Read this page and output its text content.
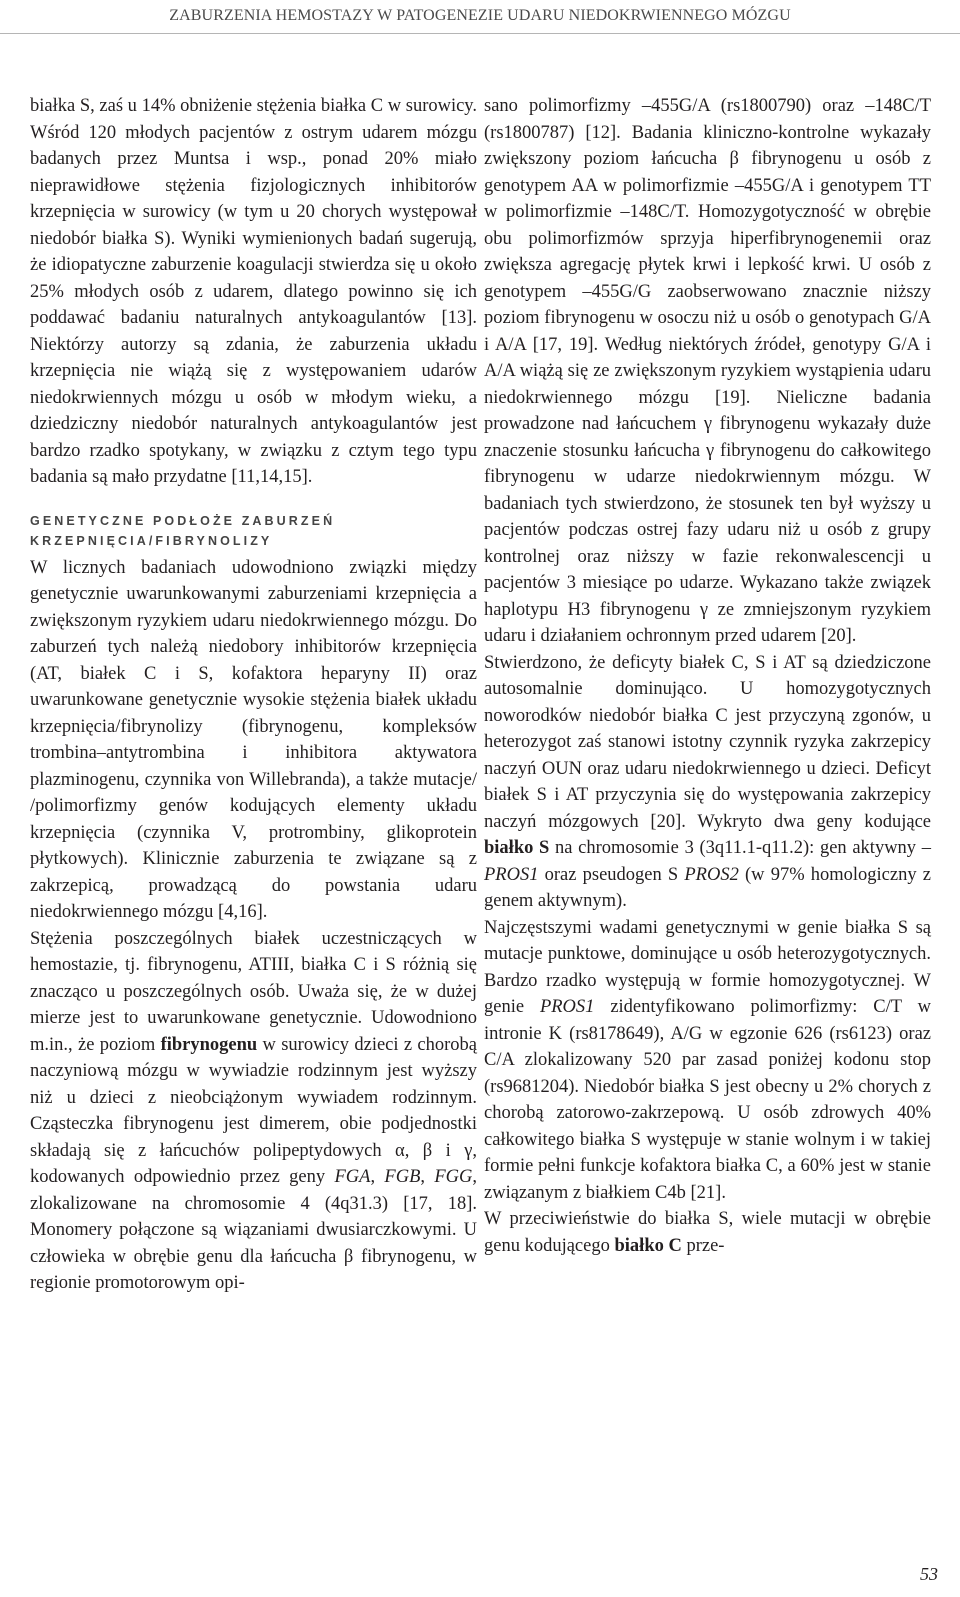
ZABURZENIA HEMOSTAZY W PATOGENEZIE UDARU NIEDOKRWIENNEGO MÓZGU

białka S, zaś u 14% obniżenie stężenia białka C w surowicy. Wśród 120 młodych pacjentów z ostrym udarem mózgu badanych przez Muntsa i wsp., ponad 20% miało nieprawidłowe stężenia fizjologicznych inhibitorów krzepnięcia w surowicy (w tym u 20 chorych występował niedobór białka S). Wyniki wymienionych badań sugerują, że idiopatyczne zaburzenie koagulacji stwierdza się u około 25% młodych osób z udarem, dlatego powinno się ich poddawać badaniu naturalnych antykoagulantów [13]. Niektórzy autorzy są zdania, że zaburzenia układu krzepnięcia nie wiążą się z występowaniem udarów niedokrwiennych mózgu u osób w młodym wieku, a dziedziczny niedobór naturalnych antykoagulantów jest bardzo rzadko spotykany, w związku z cztym tego typu badania są mało przydatne [11,14,15].

GENETYCZNE PODŁOŻE ZABURZEŃ
KRZEPNIĘCIA/FIBRYNOLIZY

W licznych badaniach udowodniono związki między genetycznie uwarunkowanymi zaburzeniami krzepnięcia a zwiększonym ryzykiem udaru niedokrwiennego mózgu. Do zaburzeń tych należą niedobory inhibitorów krzepnięcia (AT, białek C i S, kofaktora heparyny II) oraz uwarunkowane genetycznie wysokie stężenia białek układu krzepnięcia/fibrynolizy (fibrynogenu, kompleksów trombina–antytrombina i inhibitora aktywatora plazminogenu, czynnika von Willebranda), a także mutacje/ /polimorfizmy genów kodujących elementy układu krzepnięcia (czynnika V, protrombiny, glikoprotein płytkowych). Klinicznie zaburzenia te związane są z zakrzepicą, prowadzącą do powstania udaru niedokrwiennego mózgu [4,16].

Stężenia poszczególnych białek uczestniczących w hemostazie, tj. fibrynogenu, ATIII, białka C i S różnią się znacząco u poszczególnych osób. Uważa się, że w dużej mierze jest to uwarunkowane genetycznie. Udowodniono m.in., że poziom fibrynogenu w surowicy dzieci z chorobą naczyniową mózgu w wywiadzie rodzinnym jest wyższy niż u dzieci z nieobciążonym wywiadem rodzinnym. Cząsteczka fibrynogenu jest dimerem, obie podjednostki składają się z łańcuchów polipeptydowych α, β i γ, kodowanych odpowiednio przez geny FGA, FGB, FGG, zlokalizowane na chromosomie 4 (4q31.3) [17, 18]. Monomery połączone są wiązaniami dwusiarczkowymi. U człowieka w obrębie genu dla łańcucha β fibrynogenu, w regionie promotorowym opi-

sano polimorfizmy –455G/A (rs1800790) oraz –148C/T (rs1800787) [12]. Badania kliniczno-kontrolne wykazały zwiększony poziom łańcucha β fibrynogenu u osób z genotypem AA w polimorfizmie –455G/A i genotypem TT w polimorfizmie –148C/T. Homozygotyczność w obrębie obu polimorfizmów sprzyja hiperfibrynogenemii oraz zwiększa agregację płytek krwi i lepkość krwi. U osób z genotypem –455G/G zaobserwowano znacznie niższy poziom fibrynogenu w osoczu niż u osób o genotypach G/A i A/A [17, 19]. Według niektórych źródeł, genotypy G/A i A/A wiążą się ze zwiększonym ryzykiem wystąpienia udaru niedokrwiennego mózgu [19]. Nieliczne badania prowadzone nad łańcuchem γ fibrynogenu wykazały duże znaczenie stosunku łańcucha γ fibrynogenu do całkowitego fibrynogenu w udarze niedokrwiennym mózgu. W badaniach tych stwierdzono, że stosunek ten był wyższy u pacjentów podczas ostrej fazy udaru niż u osób z grupy kontrolnej oraz niższy w fazie rekonwalescencji u pacjentów 3 miesiące po udarze. Wykazano także związek haplotypu H3 fibrynogenu γ ze zmniejszonym ryzykiem udaru i działaniem ochronnym przed udarem [20].

Stwierdzono, że deficyty białek C, S i AT są dziedziczone autosomalnie dominująco. U homozygotycznych noworodków niedobór białka C jest przyczyną zgonów, u heterozygot zaś stanowi istotny czynnik ryzyka zakrzepicy naczyń OUN oraz udaru niedokrwiennego u dzieci. Deficyt białek S i AT przyczynia się do występowania zakrzepicy naczyń mózgowych [20]. Wykryto dwa geny kodujące białko S na chromosomie 3 (3q11.1-q11.2): gen aktywny – PROS1 oraz pseudogen S PROS2 (w 97% homologiczny z genem aktywnym).

Najczęstszymi wadami genetycznymi w genie białka S są mutacje punktowe, dominujące u osób heterozygotycznych. Bardzo rzadko występują w formie homozygotycznej. W genie PROS1 zidentyfikowano polimorfizmy: C/T w intronie K (rs8178649), A/G w egzonie 626 (rs6123) oraz C/A zlokalizowany 520 par zasad poniżej kodonu stop (rs9681204). Niedobór białka S jest obecny u 2% chorych z chorobą zatorowo-zakrzepową. U osób zdrowych 40% całkowitego białka S występuje w stanie wolnym i w takiej formie pełni funkcje kofaktora białka C, a 60% jest w stanie związanym z białkiem C4b [21].

W przeciwieństwie do białka S, wiele mutacji w obrębie genu kodującego białko C prze-

53
